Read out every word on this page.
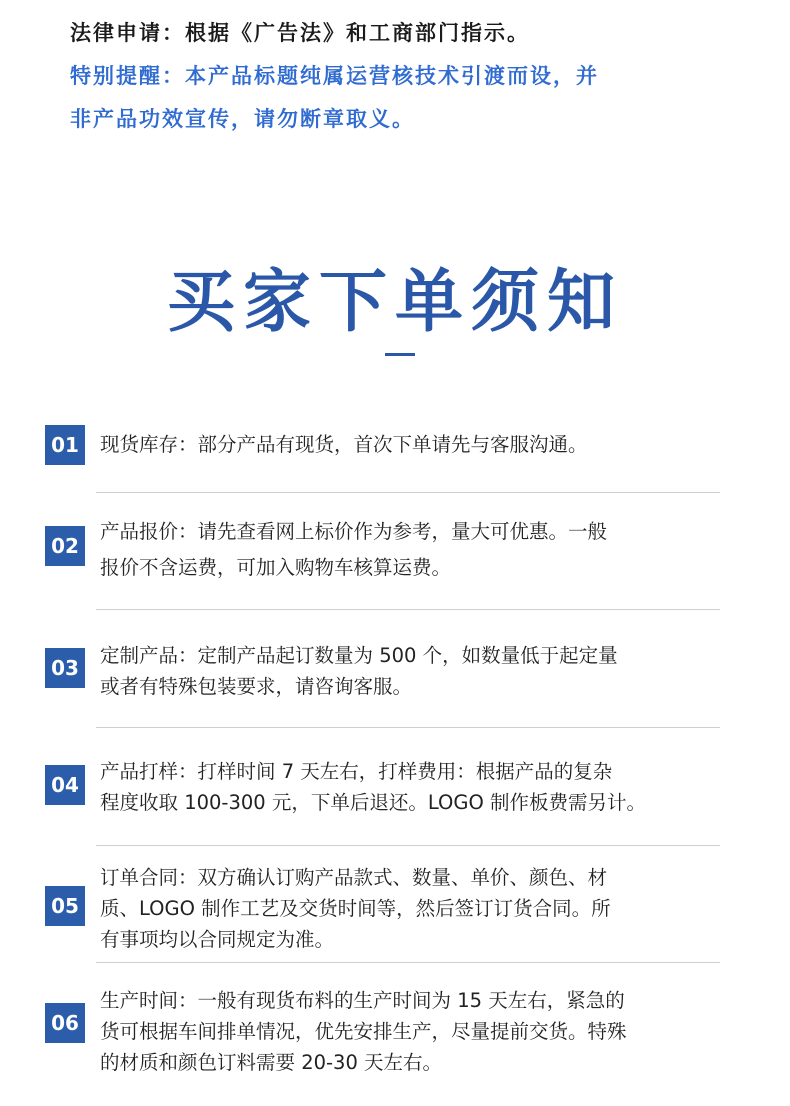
法律申请：根据《广告法》和工商部门指示。

特别提醒：本产品标题纯属运营核技术引渡而设，并

非产品功效宣传，请勿断章取义。

买家下单须知
01	现货库存：部分产品有现货，首次下单请先与客服沟通。
02
产品报价：请先查看网上标价作为参考，量大可优惠。一般
报价不含运费，可加入购物车核算运费。
03
定制产品：定制产品起订数量为 500 个，如数量低于起定量
或者有特殊包装要求，请咨询客服。
04
产品打样：打样时间 7 天左右，打样费用：根据产品的复杂
程度收取 100-300 元，下单后退还。LOGO 制作板费需另计。
05
订单合同：双方确认订购产品款式、数量、单价、颜色、材
质、LOGO 制作工艺及交货时间等，然后签订订货合同。所
有事项均以合同规定为准。
06
生产时间：一般有现货布料的生产时间为 15 天左右，紧急的
货可根据车间排单情况，优先安排生产，尽量提前交货。特殊
的材质和颜色订料需要 20-30 天左右。
